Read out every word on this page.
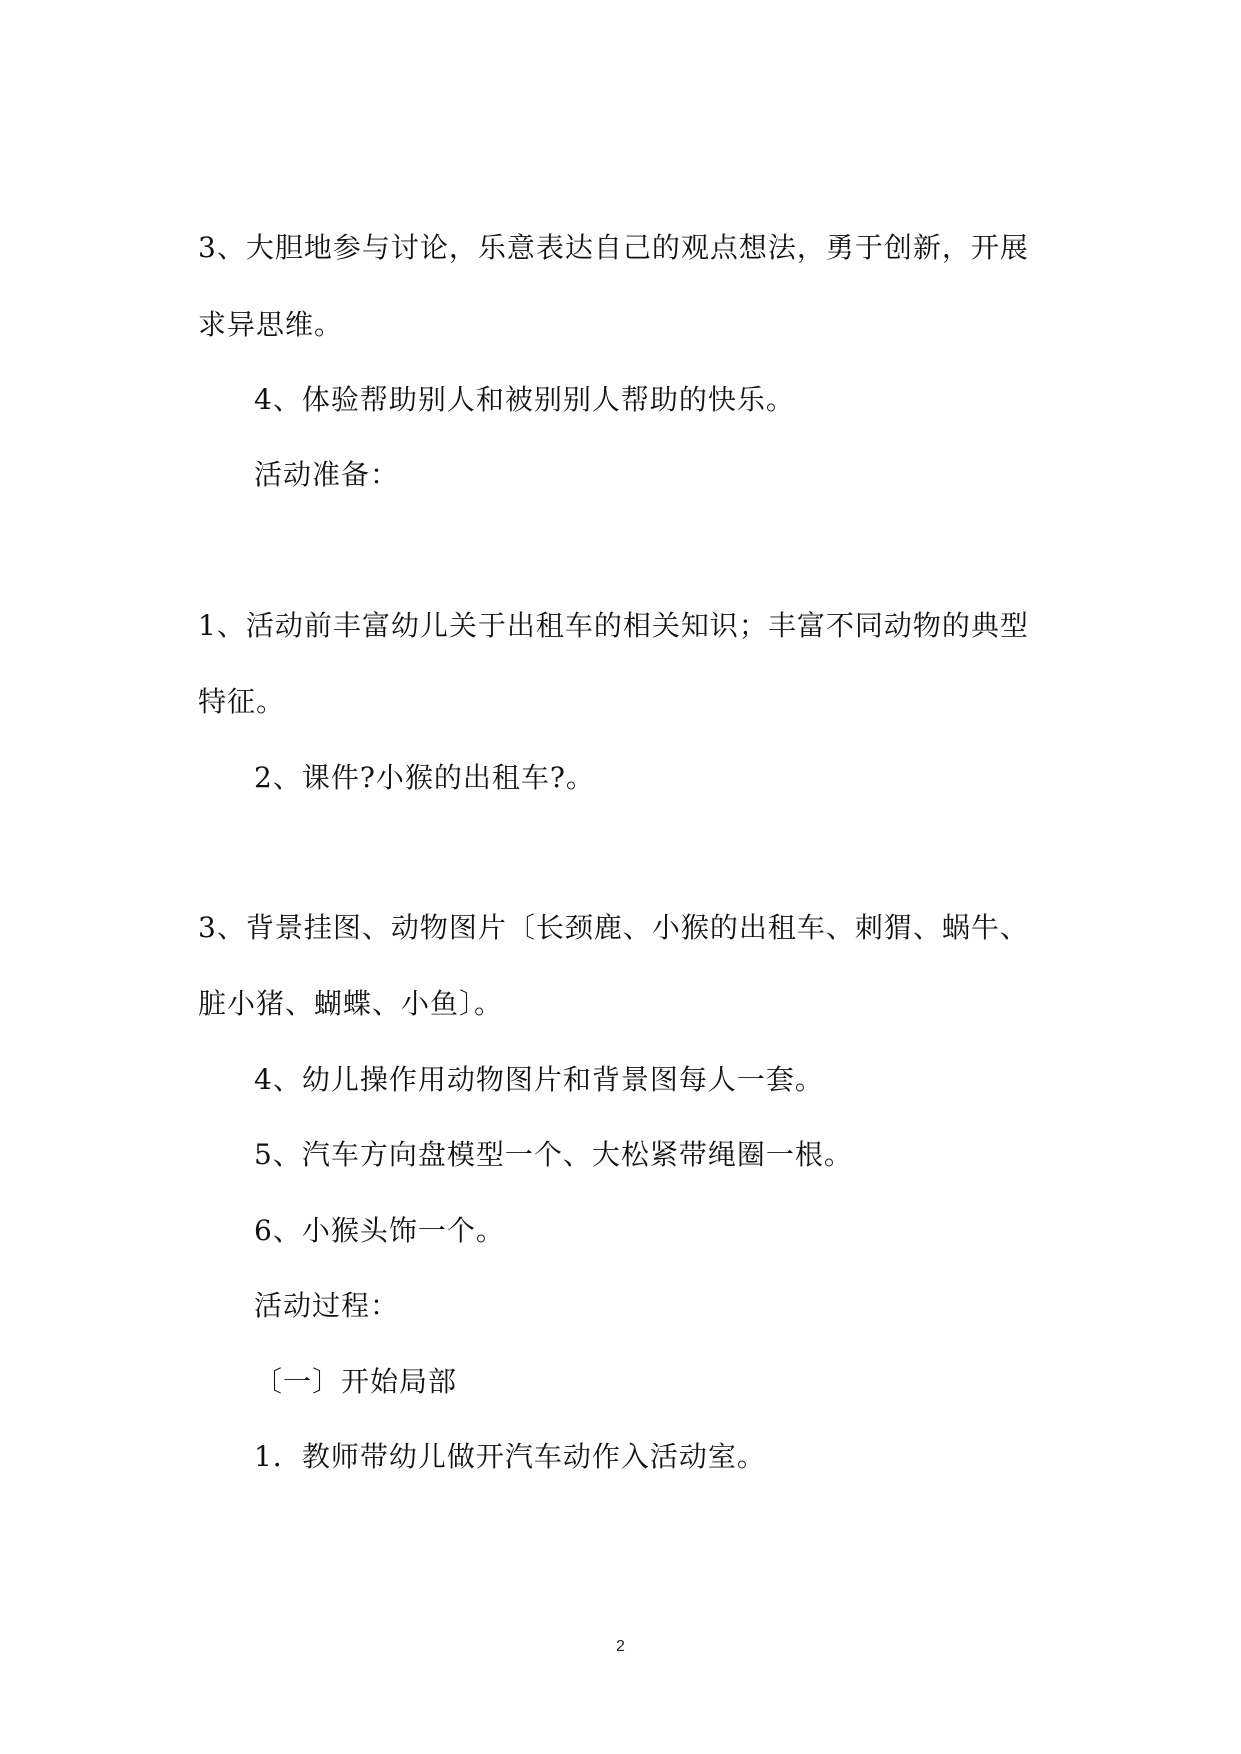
3、大胆地参与讨论，乐意表达自己的观点想法，勇于创新，开展
求异思维。
4、体验帮助别人和被别别人帮助的快乐。
活动准备：
1、活动前丰富幼儿关于出租车的相关知识；丰富不同动物的典型
特征。
2、课件?小猴的出租车?。
3、背景挂图、动物图片〔长颈鹿、小猴的出租车、刺猬、蜗牛、
脏小猪、蝴蝶、小鱼〕。
4、幼儿操作用动物图片和背景图每人一套。
5、汽车方向盘模型一个、大松紧带绳圈一根。
6、小猴头饰一个。
活动过程：
〔一〕开始局部
1．教师带幼儿做开汽车动作入活动室。
2
